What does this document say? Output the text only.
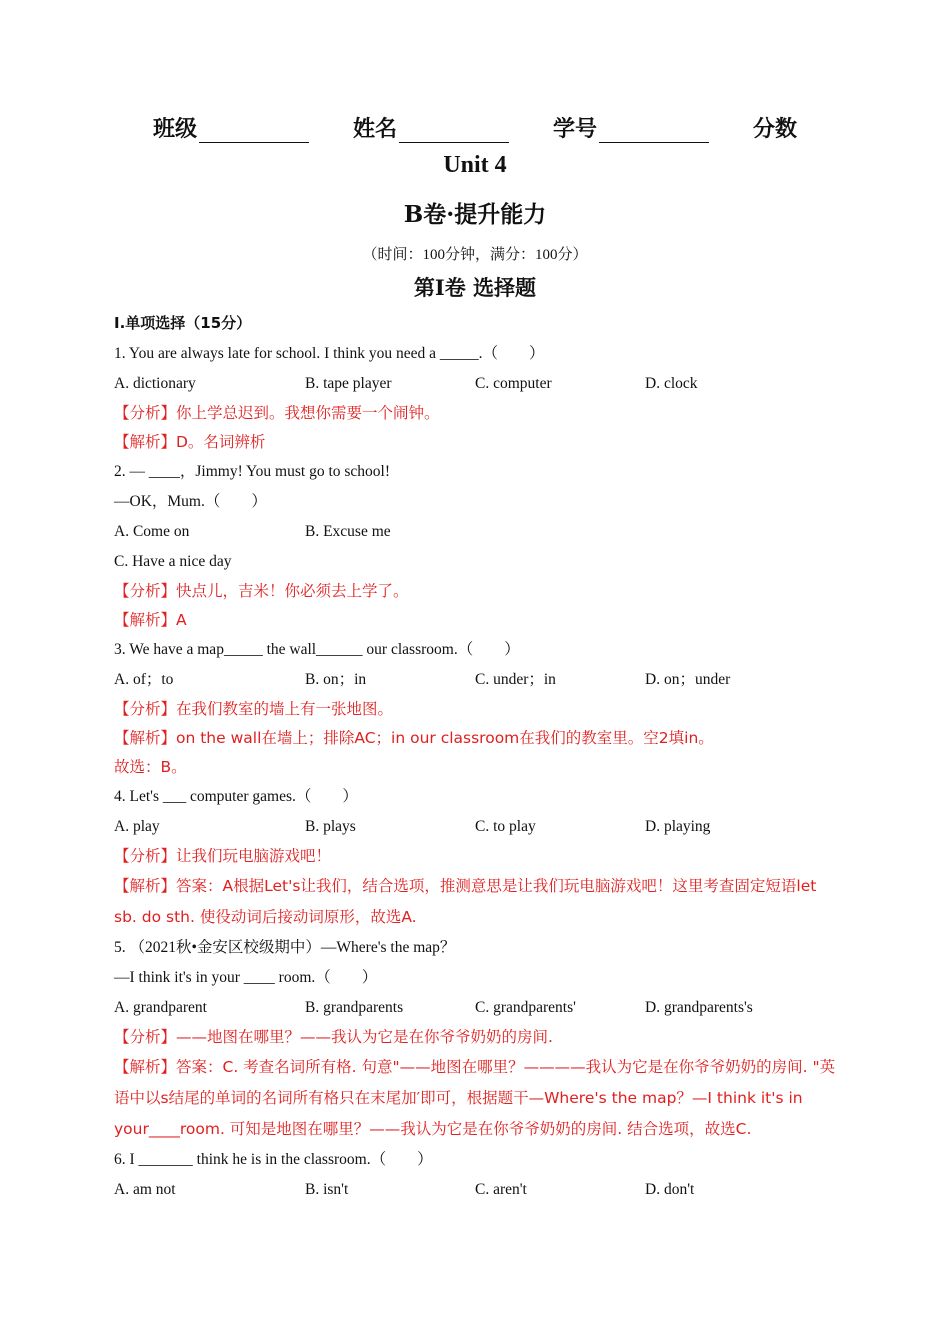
班级	姓名	学号	分数
Unit 4
B卷·提升能力
（时间：100分钟，满分：100分）
第Ⅰ卷 选择题
I.单项选择（15分）
1. You are always late for school. I think you need a _____.（　　）
A. dictionary	B. tape player	C. computer	D. clock
【分析】你上学总迟到。我想你需要一个闹钟。
【解析】D。名词辨析
2. — ____，Jimmy! You must go to school!
—OK，Mum.（　　）
A. Come on	B. Excuse me
C. Have a nice day
【分析】快点儿，吉米！你必须去上学了。
【解析】A
3. We have a map_____ the wall______ our classroom.（　　）
A. of；to	B. on；in	C. under；in	D. on；under
【分析】在我们教室的墙上有一张地图。
【解析】on the wall在墙上；排除AC；in our classroom在我们的教室里。空2填in。
故选：B。
4. Let's ___ computer games.（　　）
A. play	B. plays	C. to play	D. playing
【分析】让我们玩电脑游戏吧！
【解析】答案：A根据Let's让我们，结合选项，推测意思是让我们玩电脑游戏吧！这里考查固定短语let sb. do sth. 使役动词后接动词原形，故选A.
5. （2021秋•金安区校级期中）—Where's the map？
—I think it's in your ____ room.（　　）
A. grandparent	B. grandparents	C. grandparents'	D. grandparents's
【分析】——地图在哪里？——我认为它是在你爷爷奶奶的房间.
【解析】答案：C. 考查名词所有格. 句意"——地图在哪里？————我认为它是在你爷爷奶奶的房间. "英语中以s结尾的单词的名词所有格只在末尾加′即可，根据题干—Where's the map？—I think it's in your____room. 可知是地图在哪里？——我认为它是在你爷爷奶奶的房间. 结合选项，故选C.
6. I _______ think he is in the classroom.（　　）
A. am not	B. isn't	C. aren't	D. don't
